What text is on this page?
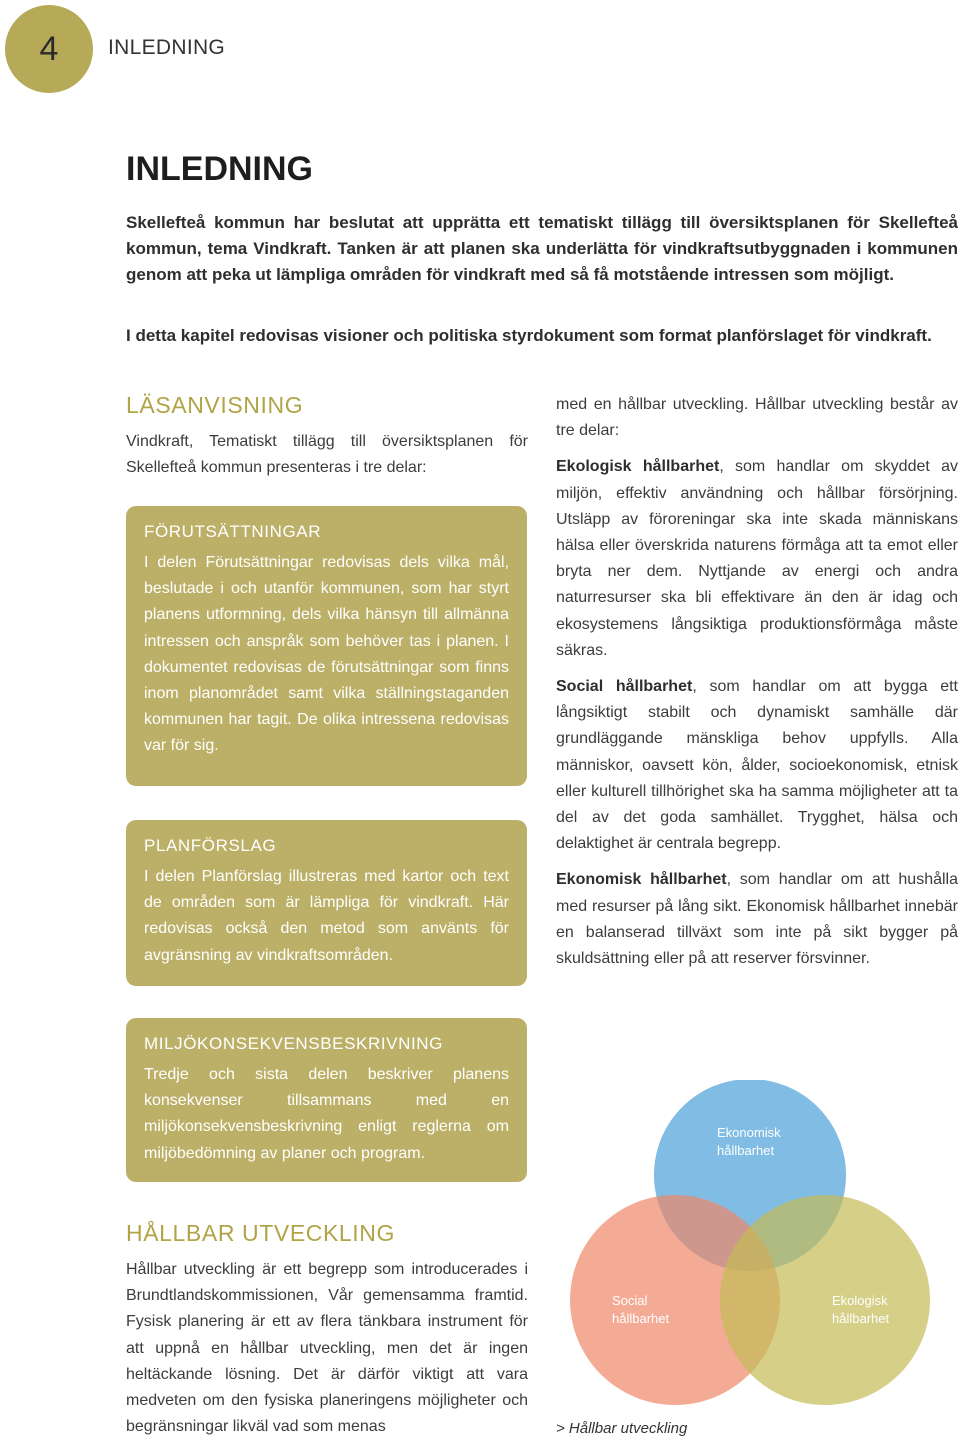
4 INLEDNING
INLEDNING

Skellefteå kommun har beslutat att upprätta ett tematiskt tillägg till översiktsplanen för Skellefteå kommun, tema Vindkraft. Tanken är att planen ska underlätta för vindkraftsutbyggnaden i kommunen genom att peka ut lämpliga områden för vindkraft med så få motstående intressen som möjligt.

I detta kapitel redovisas visioner och politiska styrdokument som format planförslaget för vindkraft.

LÄSANVISNING

Vindkraft, Tematiskt tillägg till översiktsplanen för Skellefteå kommun presenteras i tre delar:

FÖRUTSÄTTNINGAR

I delen Förutsättningar redovisas dels vilka mål, beslutade i och utanför kommunen, som har styrt planens utformning, dels vilka hänsyn till allmänna intressen och anspråk som behöver tas i planen. I dokumentet redovisas de förutsättningar som finns inom planområdet samt vilka ställningstaganden kommunen har tagit. De olika intressena redovisas var för sig.

PLANFÖRSLAG

I delen Planförslag illustreras med kartor och text de områden som är lämpliga för vindkraft. Här redovisas också den metod som använts för avgränsning av vindkraftsområden.

MILJÖKONSEKVENSBESKRIVNING

Tredje och sista delen beskriver planens konsekvenser tillsammans med en miljökonsekvensbeskrivning enligt reglerna om miljöbedömning av planer och program.

HÅLLBAR UTVECKLING

Hållbar utveckling är ett begrepp som introducerades i Brundtlandskommissionen, Vår gemensamma framtid. Fysisk planering är ett av flera tänkbara instrument för att uppnå en hållbar utveckling, men det är ingen heltäckande lösning. Det är därför viktigt att vara medveten om den fysiska planeringens möjligheter och begränsningar likväl vad som menas

med en hållbar utveckling. Hållbar utveckling består av tre delar:

Ekologisk hållbarhet, som handlar om skyddet av miljön, effektiv användning och hållbar försörjning. Utsläpp av föroreningar ska inte skada människans hälsa eller överskrida naturens förmåga att ta emot eller bryta ner dem. Nyttjande av energi och andra naturresurser ska bli effektivare än den är idag och ekosystemens långsiktiga produktionsförmåga måste säkras.

Social hållbarhet, som handlar om att bygga ett långsiktigt stabilt och dynamiskt samhälle där grundläggande mänskliga behov uppfylls. Alla människor, oavsett kön, ålder, socioekonomisk, etnisk eller kulturell tillhörighet ska ha samma möjligheter att ta del av det goda samhället. Trygghet, hälsa och delaktighet är centrala begrepp.

Ekonomisk hållbarhet, som handlar om att hushålla med resurser på lång sikt. Ekonomisk hållbarhet innebär en balanserad tillväxt som inte på sikt bygger på skuldsättning eller på att reserver försvinner.

Ekonomisk
hållbarhet
Social
hållbarhet
Ekologisk
hållbarhet
> Hållbar utveckling
